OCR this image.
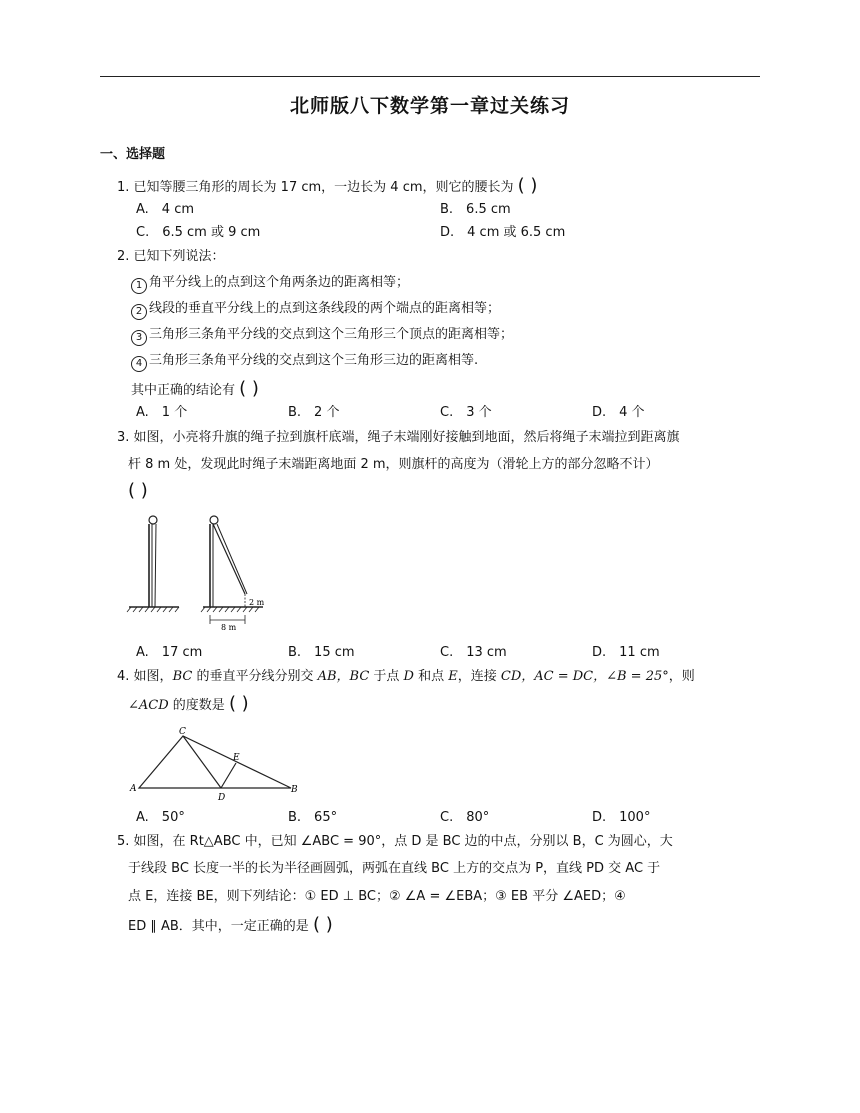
北师版八下数学第一章过关练习
一、选择题
1. 已知等腰三角形的周长为 17 cm，一边长为 4 cm，则它的腰长为 ( )
A.　4 cm	B.　6.5 cm
C.　6.5 cm 或 9 cm	D.　4 cm 或 6.5 cm
2. 已知下列说法：
1 角平分线上的点到这个角两条边的距离相等；
2 线段的垂直平分线上的点到这条线段的两个端点的距离相等；
3 三角形三条角平分线的交点到这个三角形三个顶点的距离相等；
4 三角形三条角平分线的交点到这个三角形三边的距离相等.
其中正确的结论有 ( )
A.　1 个	B.　2 个	C.　3 个	D.　4 个
3. 如图，小亮将升旗的绳子拉到旗杆底端，绳子末端刚好接触到地面，然后将绳子末端拉到距离旗
杆 8 m 处，发现此时绳子末端距离地面 2 m，则旗杆的高度为（滑轮上方的部分忽略不计）
( )
8 m
2 m
A.　17 cm	B.　15 cm	C.　13 cm	D.　11 cm
4. 如图，BC 的垂直平分线分别交 AB，BC 于点 D 和点 E，连接 CD，AC = DC，∠B = 25°，则
∠ACD 的度数是 ( )
C
A	B
D
E
A.　50°	B.　65°	C.　80°	D.　100°
5. 如图，在 Rt△ABC 中，已知 ∠ABC = 90°，点 D 是 BC 边的中点，分别以 B，C 为圆心，大
于线段 BC 长度一半的长为半径画圆弧，两弧在直线 BC 上方的交点为 P，直线 PD 交 AC 于
点 E，连接 BE，则下列结论：① ED ⊥ BC；② ∠A = ∠EBA；③ EB 平分 ∠AED；④
ED ∥ AB．其中，一定正确的是 ( )
